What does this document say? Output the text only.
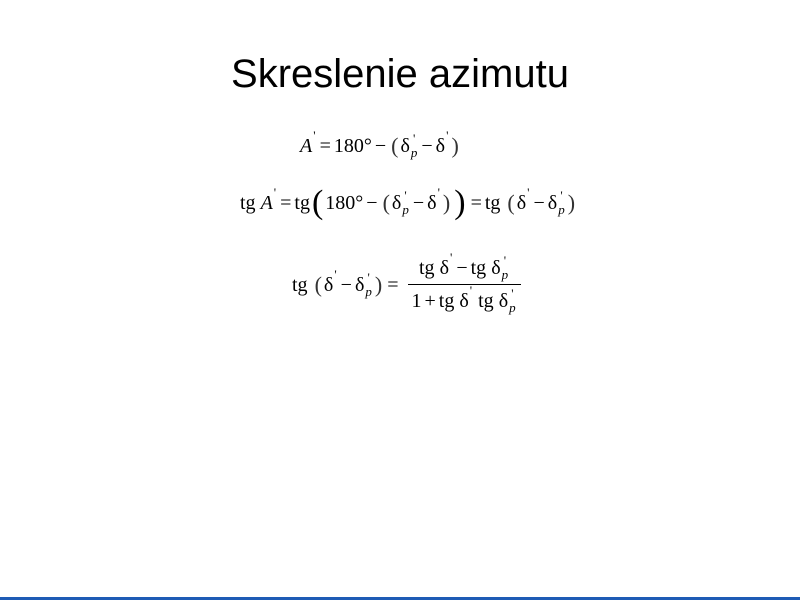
Skreslenie azimutu
A ' = 180 ° − ( δ '
p − δ ' )
tg A ' = tg ( 180 ° − ( δ '
p − δ ' ) ) = tg ( δ ' − δ '
p )
tg ( δ ' − δ '
p ) =
tg δ ' − tg δ '
p
1 + tg δ ' tg δ '
p
